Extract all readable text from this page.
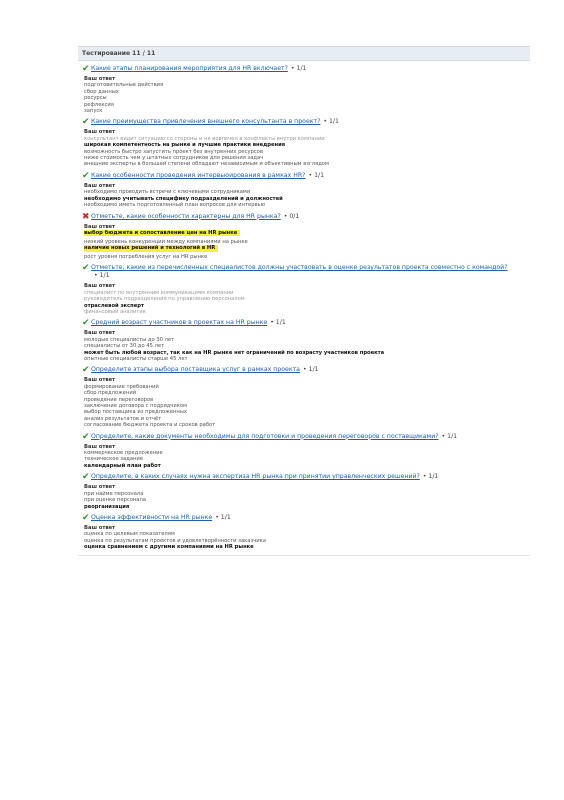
Тестирование 11 / 11
✔ Какие этапы планирования мероприятия для HR включает? • 1/1
Ваш ответ
подготовительные действия
сбор данных
ресурсы
рефлексия
запуск
✔ Какие преимущества привлечения внешнего консультанта в проект? • 1/1
Ваш ответ
консультант видит ситуацию со стороны и не вовлечен в конфликты внутри компании
широкая компетентность на рынке и лучшие практики внедрения
возможность быстро запустить проект без внутренних ресурсов
ниже стоимость чем у штатных сотрудников для решения задач
внешние эксперты в большей степени обладают независимым и объективным взглядом
✔ Какие особенности проведения интервьюирования в рамках HR? • 1/1
Ваш ответ
необходимо проводить встречи с ключевыми сотрудниками
необходимо учитывать специфику подразделений и должностей
необходимо иметь подготовленный план вопросов для интервью
✖ Отметьте, какие особенности характерны для HR рынка? • 0/1
Ваш ответ
выбор бюджета и сопоставление цен на HR рынке
низкий уровень конкуренции между компаниями на рынке
наличие новых решений и технологий в HR
рост уровня потребления услуг на HR рынке
✔ Отметьте, какие из перечисленных специалистов должны участвовать в оценке результатов проекта совместно с командой?• 1/1
Ваш ответ
специалист по внутренним коммуникациям компании
руководитель подразделения по управлению персоналом
отраслевой эксперт
финансовый аналитик
✔ Средний возраст участников в проектах на HR рынке • 1/1
Ваш ответ
молодые специалисты до 30 лет
специалисты от 30 до 45 лет
может быть любой возраст, так как на HR рынке нет ограничений по возрасту участников проекта
опытные специалисты старше 45 лет
✔ Определите этапы выбора поставщика услуг в рамках проекта • 1/1
Ваш ответ
формирование требований
сбор предложений
проведение переговоров
заключение договора с подрядчиком
выбор поставщика из предложенных
анализ результатов и отчёт
согласование бюджета проекта и сроков работ
✔ Определите, какие документы необходимы для подготовки и проведения переговоров с поставщиками? • 1/1
Ваш ответ
коммерческое предложение
техническое задание
календарный план работ
✔ Определите, в каких случаях нужна экспертиза HR рынка при принятии управленческих решений? • 1/1
Ваш ответ
при найме персонала
при оценке персонала
реорганизация
✔ Оценка эффективности на HR рынке • 1/1
Ваш ответ
оценка по целевым показателям
оценка по результатам проектов и удовлетворённости заказчика
оценка сравнением с другими компаниями на HR рынке
